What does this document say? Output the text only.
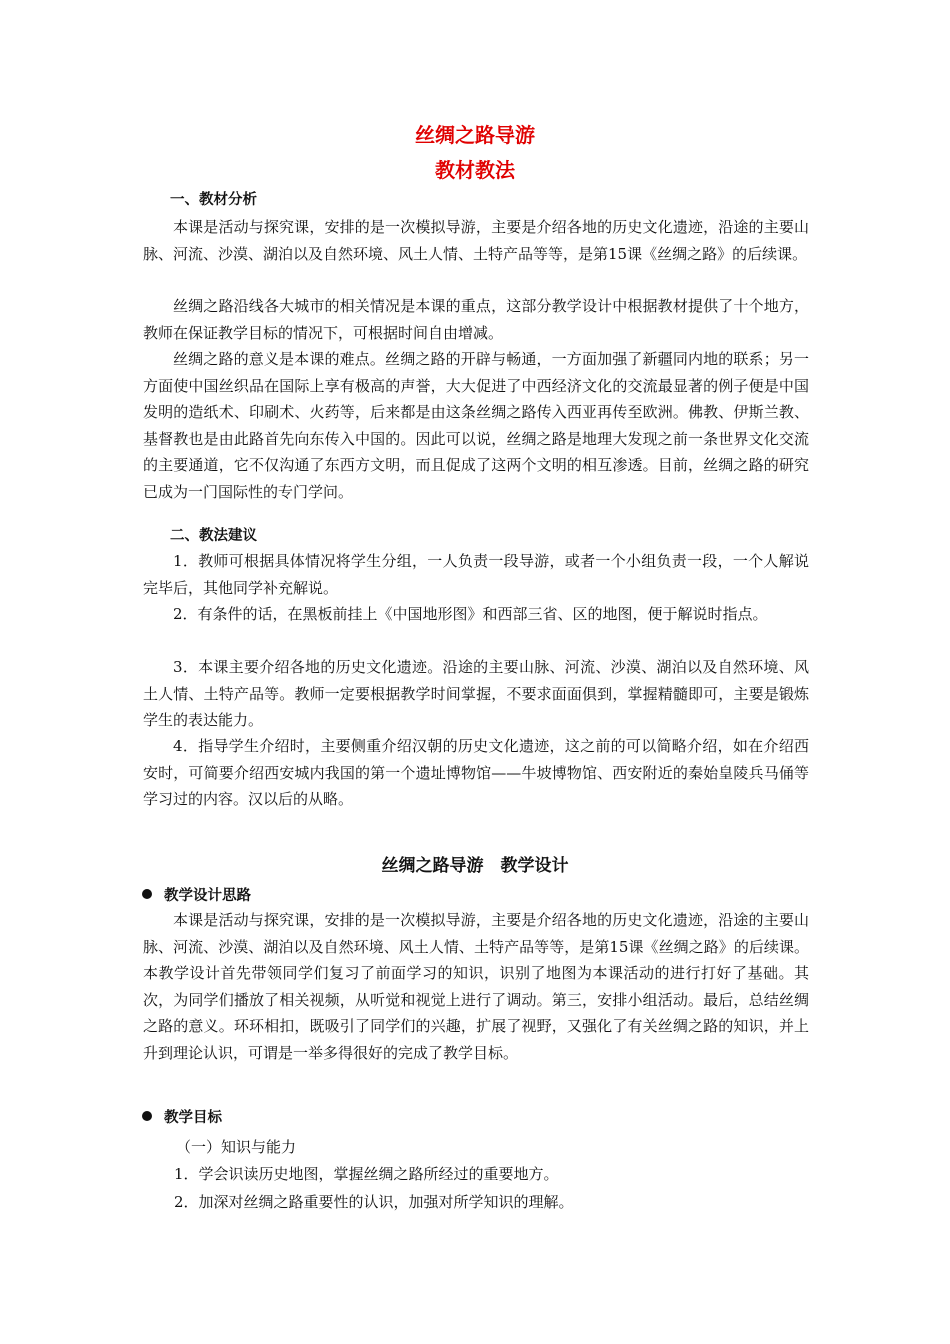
丝绸之路导游
教材教法
一、教材分析

本课是活动与探究课，安排的是一次模拟导游，主要是介绍各地的历史文化遗迹，沿途的主要山脉、河流、沙漠、湖泊以及自然环境、风土人情、土特产品等等，是第15课《丝绸之路》的后续课。

丝绸之路沿线各大城市的相关情况是本课的重点，这部分教学设计中根据教材提供了十个地方，教师在保证教学目标的情况下，可根据时间自由增减。

丝绸之路的意义是本课的难点。丝绸之路的开辟与畅通，一方面加强了新疆同内地的联系；另一方面使中国丝织品在国际上享有极高的声誉，大大促进了中西经济文化的交流最显著的例子便是中国发明的造纸术、印刷术、火药等，后来都是由这条丝绸之路传入西亚再传至欧洲。佛教、伊斯兰教、基督教也是由此路首先向东传入中国的。因此可以说，丝绸之路是地理大发现之前一条世界文化交流的主要通道，它不仅沟通了东西方文明，而且促成了这两个文明的相互渗透。目前，丝绸之路的研究已成为一门国际性的专门学问。

二、教法建议

1．教师可根据具体情况将学生分组，一人负责一段导游，或者一个小组负责一段，一个人解说完毕后，其他同学补充解说。

2．有条件的话，在黑板前挂上《中国地形图》和西部三省、区的地图，便于解说时指点。

3．本课主要介绍各地的历史文化遗迹。沿途的主要山脉、河流、沙漠、湖泊以及自然环境、风土人情、土特产品等。教师一定要根据教学时间掌握，不要求面面俱到，掌握精髓即可，主要是锻炼学生的表达能力。

4．指导学生介绍时，主要侧重介绍汉朝的历史文化遗迹，这之前的可以简略介绍，如在介绍西安时，可简要介绍西安城内我国的第一个遗址博物馆——牛坡博物馆、西安附近的秦始皇陵兵马俑等学习过的内容。汉以后的从略。

丝绸之路导游　教学设计
教学设计思路

本课是活动与探究课，安排的是一次模拟导游，主要是介绍各地的历史文化遗迹，沿途的主要山脉、河流、沙漠、湖泊以及自然环境、风土人情、土特产品等等，是第15课《丝绸之路》的后续课。本教学设计首先带领同学们复习了前面学习的知识，识别了地图为本课活动的进行打好了基础。其次，为同学们播放了相关视频，从听觉和视觉上进行了调动。第三，安排小组活动。最后，总结丝绸之路的意义。环环相扣，既吸引了同学们的兴趣，扩展了视野，又强化了有关丝绸之路的知识，并上升到理论认识，可谓是一举多得很好的完成了教学目标。

教学目标

（一）知识与能力

1．学会识读历史地图，掌握丝绸之路所经过的重要地方。

2．加深对丝绸之路重要性的认识，加强对所学知识的理解。
